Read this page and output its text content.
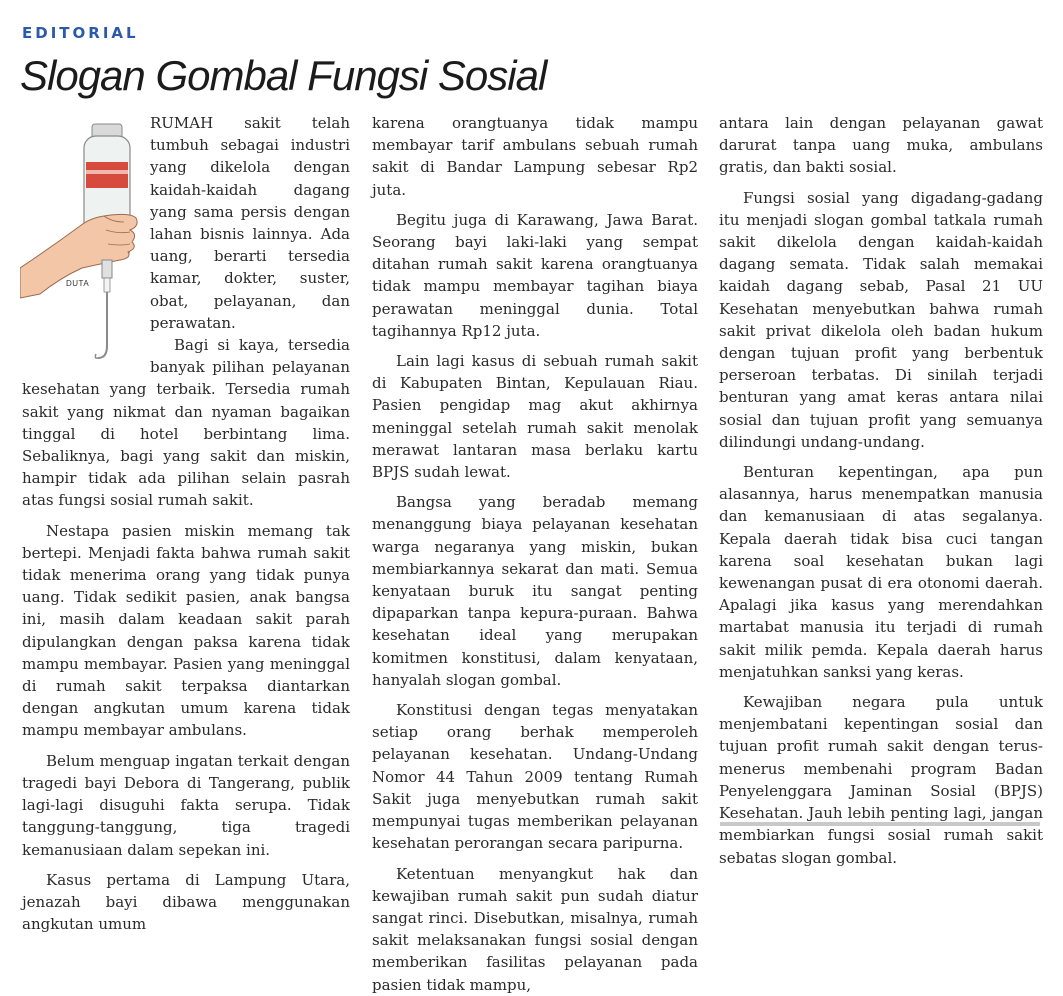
EDITORIAL
Slogan Gombal Fungsi Sosial
DUTA

RUMAH sakit telah tumbuh sebagai industri yang dikelola dengan kaidah-kaidah dagang yang sama persis dengan lahan bisnis lainnya. Ada uang, berarti tersedia kamar, dokter, suster, obat, pelayanan, dan perawatan.

Bagi si kaya, tersedia banyak pilihan pelayanan kesehatan yang terbaik. Tersedia rumah sakit yang nikmat dan nyaman bagaikan tinggal di hotel berbintang lima. Sebaliknya, bagi yang sakit dan miskin, hampir tidak ada pilihan selain pasrah atas fungsi sosial rumah sakit.

Nestapa pasien miskin memang tak bertepi. Menjadi fakta bahwa rumah sakit tidak menerima orang yang tidak punya uang. Tidak sedikit pasien, anak bangsa ini, masih dalam keadaan sakit parah dipulangkan dengan paksa karena tidak mampu membayar. Pasien yang meninggal di rumah sakit terpaksa diantarkan dengan angkutan umum karena tidak mampu membayar ambulans.

Belum menguap ingatan terkait dengan tragedi bayi Debora di Tangerang, publik lagi-lagi disuguhi fakta serupa. Tidak tanggung-tanggung, tiga tragedi kemanusiaan dalam sepekan ini.

Kasus pertama di Lampung Utara, jenazah bayi dibawa menggunakan angkutan umum

karena orangtuanya tidak mampu membayar tarif ambulans sebuah rumah sakit di Bandar Lampung sebesar Rp2 juta.

Begitu juga di Karawang, Jawa Barat. Seorang bayi laki-laki yang sempat ditahan rumah sakit karena orangtuanya tidak mampu membayar tagihan biaya perawatan meninggal dunia. Total tagihannya Rp12 juta.

Lain lagi kasus di sebuah rumah sakit di Kabupaten Bintan, Kepulauan Riau. Pasien pengidap mag akut akhirnya meninggal setelah rumah sakit menolak merawat lantaran masa berlaku kartu BPJS sudah lewat.

Bangsa yang beradab memang menanggung biaya pelayanan kesehatan warga negaranya yang miskin, bukan membiarkannya sekarat dan mati. Semua kenyataan buruk itu sangat penting dipaparkan tanpa kepura-puraan. Bahwa kesehatan ideal yang merupakan komitmen konstitusi, dalam kenyataan, hanyalah slogan gombal.

Konstitusi dengan tegas menyatakan setiap orang berhak memperoleh pelayanan kesehatan. Undang-Undang Nomor 44 Tahun 2009 tentang Rumah Sakit juga menyebutkan rumah sakit mempunyai tugas memberikan pelayanan kesehatan perorangan secara paripurna.

Ketentuan menyangkut hak dan kewajiban rumah sakit pun sudah diatur sangat rinci. Disebutkan, misalnya, rumah sakit melaksanakan fungsi sosial dengan memberikan fasilitas pelayanan pada pasien tidak mampu,

antara lain dengan pelayanan gawat darurat tanpa uang muka, ambulans gratis, dan bakti sosial.

Fungsi sosial yang digadang-gadang itu menjadi slogan gombal tatkala rumah sakit dikelola dengan kaidah-kaidah dagang semata. Tidak salah memakai kaidah dagang sebab, Pasal 21 UU Kesehatan menyebutkan bahwa rumah sakit privat dikelola oleh badan hukum dengan tujuan profit yang berbentuk perseroan terbatas. Di sinilah terjadi benturan yang amat keras antara nilai sosial dan tujuan profit yang semuanya dilindungi undang-undang.

Benturan kepentingan, apa pun alasannya, harus menempatkan manusia dan kemanusiaan di atas segalanya. Kepala daerah tidak bisa cuci tangan karena soal kesehatan bukan lagi kewenangan pusat di era otonomi daerah. Apalagi jika kasus yang merendahkan martabat manusia itu terjadi di rumah sakit milik pemda. Kepala daerah harus menjatuhkan sanksi yang keras.

Kewajiban negara pula untuk menjembatani kepentingan sosial dan tujuan profit rumah sakit dengan terus-menerus membenahi program Badan Penyelenggara Jaminan Sosial (BPJS) Kesehatan. Jauh lebih penting lagi, jangan membiarkan fungsi sosial rumah sakit sebatas slogan gombal.
